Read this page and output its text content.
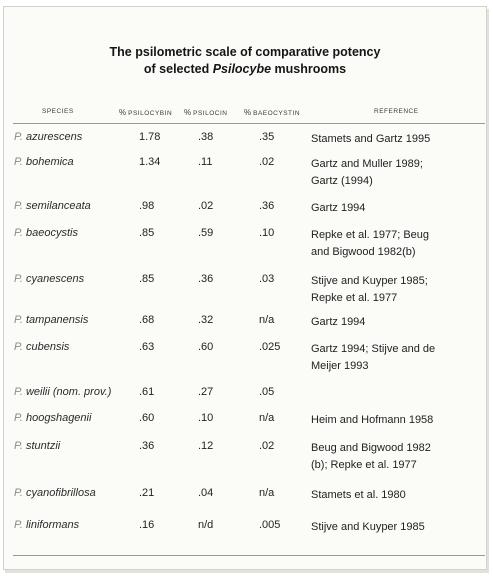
The psilometric scale of comparative potency
of selected Psilocybe mushrooms
SPECIES	% PSILOCYBIN % PSILOCIN % BAEOCYSTIN	REFERENCE
P. azurescens	1.78	.38	.35	Stamets and Gartz 1995

P. bohemica	1.34	.11	.02	Gartz and Muller 1989;
Gartz (1994)
P. semilanceata	.98	.02	.36	Gartz 1994

P. baeocystis	.85	.59	.10	Repke et al. 1977; Beug
and Bigwood 1982(b)
P. cyanescens	.85	.36	.03	Stijve and Kuyper 1985;
Repke et al. 1977
P. tampanensis	.68	.32	n/a	Gartz 1994

P. cubensis	.63	.60	.025	Gartz 1994; Stijve and de
Meijer 1993
P. weilii (nom. prov.)	.61	.27	.05

P. hoogshagenii	.60	.10	n/a	Heim and Hofmann 1958

P. stuntzii	.36	.12	.02	Beug and Bigwood 1982
(b); Repke et al. 1977
P. cyanofibrillosa	.21	.04	n/a	Stamets et al. 1980

P. liniformans	.16	n/d	.005	Stijve and Kuyper 1985
